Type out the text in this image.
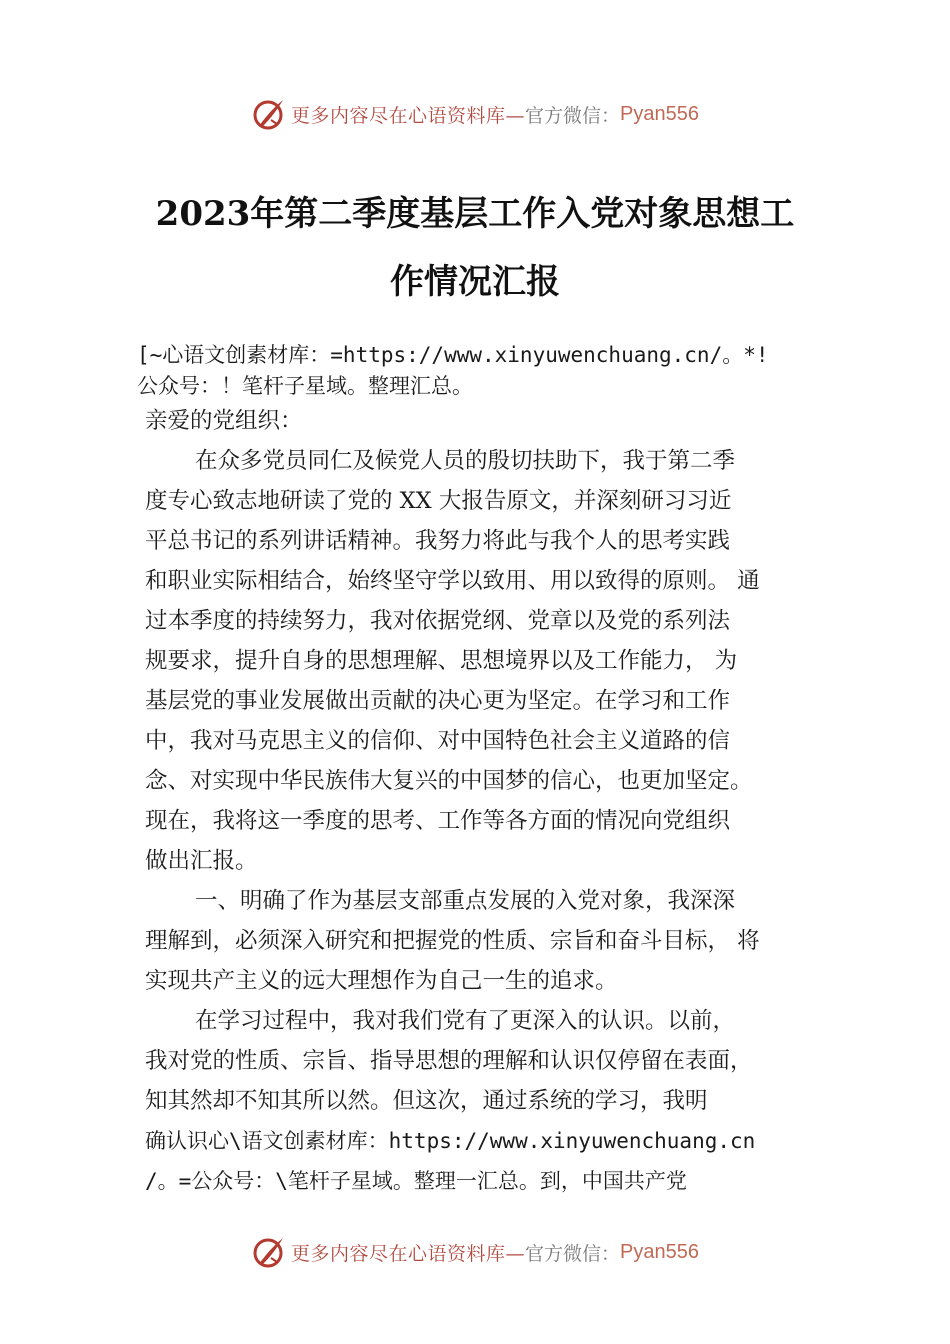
更多内容尽在心语资料库— 官方微信： Pyan556
2023年第二季度基层工作入党对象思想工
作情况汇报
[~心语文创素材库：=https://www.xinyuwenchuang.cn/。*!
公众号：！笔杆子星域。整理汇总。
亲爱的党组织：
在众多党员同仁及候党人员的殷切扶助下，我于第二季
度专心致志地研读了党的 XX 大报告原文，并深刻研习习近
平总书记的系列讲话精神。我努力将此与我个人的思考实践
和职业实际相结合，始终坚守学以致用、用以致得的原则。 通
过本季度的持续努力，我对依据党纲、党章以及党的系列法
规要求，提升自身的思想理解、思想境界以及工作能力， 为
基层党的事业发展做出贡献的决心更为坚定。在学习和工作
中，我对马克思主义的信仰、对中国特色社会主义道路的信
念、对实现中华民族伟大复兴的中国梦的信心，也更加坚定。
现在，我将这一季度的思考、工作等各方面的情况向党组织
做出汇报。
一、明确了作为基层支部重点发展的入党对象，我深深
理解到，必须深入研究和把握党的性质、宗旨和奋斗目标， 将
实现共产主义的远大理想作为自己一生的追求。
在学习过程中，我对我们党有了更深入的认识。以前，
我对党的性质、宗旨、指导思想的理解和认识仅停留在表面，
知其然却不知其所以然。但这次，通过系统的学习，我明
确认识心\语文创素材库：https://www.xinyuwenchuang.cn
/。=公众号：\笔杆子星域。整理一汇总。到，中国共产党
更多内容尽在心语资料库— 官方微信： Pyan556
